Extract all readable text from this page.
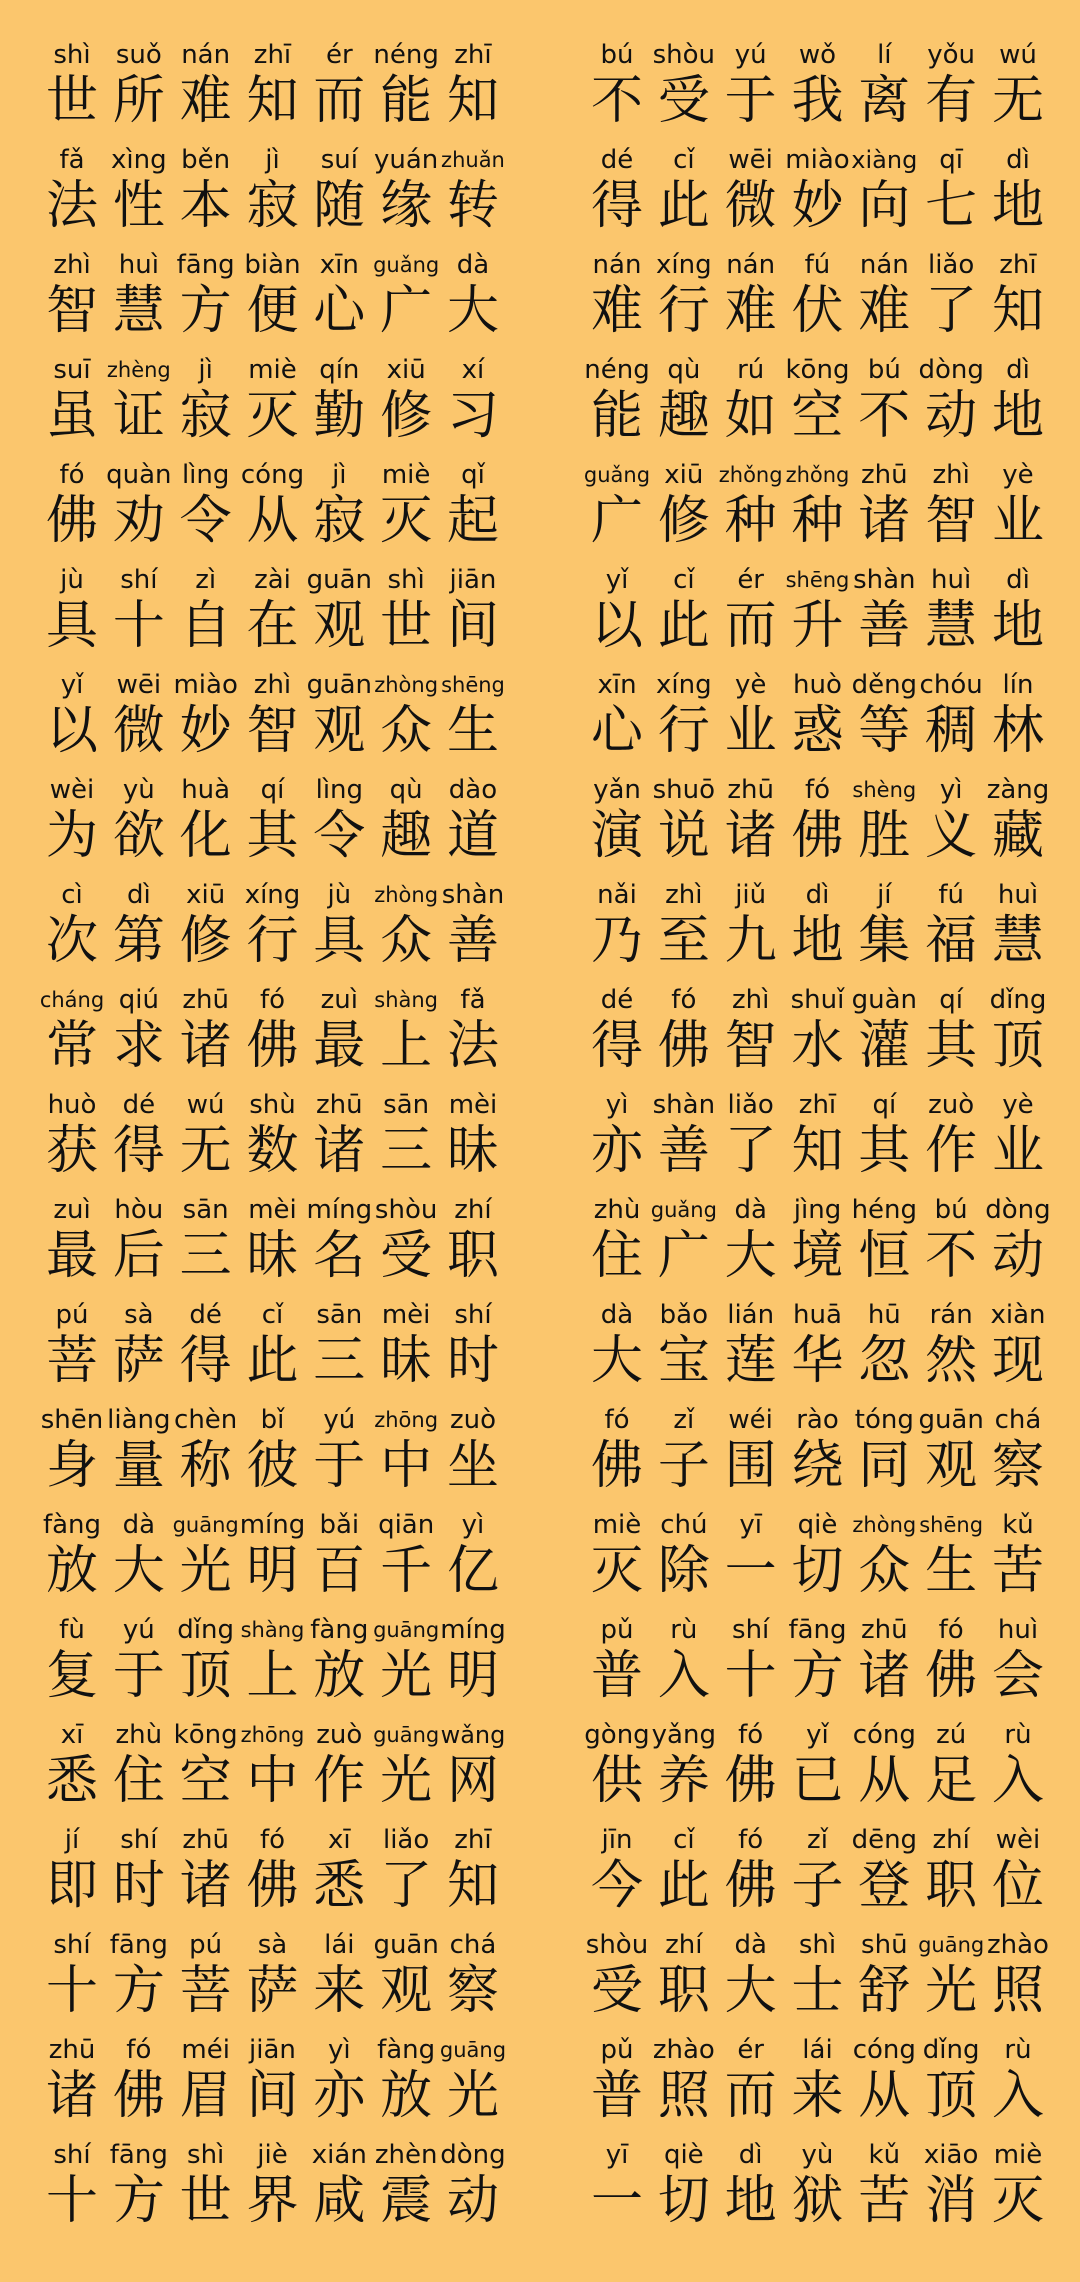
shì
世
suǒ
所
nán
难
zhī
知
ér
而
néng
能
zhī
知
bú
不
shòu
受
yú
于
wǒ
我
lí
离
yǒu
有
wú
无
fǎ
法
xìng
性
běn
本
jì
寂
suí
随
yuán
缘
zhuǎn
转
dé
得
cǐ
此
wēi
微
miào
妙
xiàng
向
qī
七
dì
地
zhì
智
huì
慧
fāng
方
biàn
便
xīn
心
guǎng
广
dà
大
nán
难
xíng
行
nán
难
fú
伏
nán
难
liǎo
了
zhī
知
suī
虽
zhèng
证
jì
寂
miè
灭
qín
勤
xiū
修
xí
习
néng
能
qù
趣
rú
如
kōng
空
bú
不
dòng
动
dì
地
fó
佛
quàn
劝
lìng
令
cóng
从
jì
寂
miè
灭
qǐ
起
guǎng
广
xiū
修
zhǒng
种
zhǒng
种
zhū
诸
zhì
智
yè
业
jù
具
shí
十
zì
自
zài
在
guān
观
shì
世
jiān
间
yǐ
以
cǐ
此
ér
而
shēng
升
shàn
善
huì
慧
dì
地
yǐ
以
wēi
微
miào
妙
zhì
智
guān
观
zhòng
众
shēng
生
xīn
心
xíng
行
yè
业
huò
惑
děng
等
chóu
稠
lín
林
wèi
为
yù
欲
huà
化
qí
其
lìng
令
qù
趣
dào
道
yǎn
演
shuō
说
zhū
诸
fó
佛
shèng
胜
yì
义
zàng
藏
cì
次
dì
第
xiū
修
xíng
行
jù
具
zhòng
众
shàn
善
nǎi
乃
zhì
至
jiǔ
九
dì
地
jí
集
fú
福
huì
慧
cháng
常
qiú
求
zhū
诸
fó
佛
zuì
最
shàng
上
fǎ
法
dé
得
fó
佛
zhì
智
shuǐ
水
guàn
灌
qí
其
dǐng
顶
huò
获
dé
得
wú
无
shù
数
zhū
诸
sān
三
mèi
昧
yì
亦
shàn
善
liǎo
了
zhī
知
qí
其
zuò
作
yè
业
zuì
最
hòu
后
sān
三
mèi
昧
míng
名
shòu
受
zhí
职
zhù
住
guǎng
广
dà
大
jìng
境
héng
恒
bú
不
dòng
动
pú
菩
sà
萨
dé
得
cǐ
此
sān
三
mèi
昧
shí
时
dà
大
bǎo
宝
lián
莲
huā
华
hū
忽
rán
然
xiàn
现
shēn
身
liàng
量
chèn
称
bǐ
彼
yú
于
zhōng
中
zuò
坐
fó
佛
zǐ
子
wéi
围
rào
绕
tóng
同
guān
观
chá
察
fàng
放
dà
大
guāng
光
míng
明
bǎi
百
qiān
千
yì
亿
miè
灭
chú
除
yī
一
qiè
切
zhòng
众
shēng
生
kǔ
苦
fù
复
yú
于
dǐng
顶
shàng
上
fàng
放
guāng
光
míng
明
pǔ
普
rù
入
shí
十
fāng
方
zhū
诸
fó
佛
huì
会
xī
悉
zhù
住
kōng
空
zhōng
中
zuò
作
guāng
光
wǎng
网
gòng
供
yǎng
养
fó
佛
yǐ
已
cóng
从
zú
足
rù
入
jí
即
shí
时
zhū
诸
fó
佛
xī
悉
liǎo
了
zhī
知
jīn
今
cǐ
此
fó
佛
zǐ
子
dēng
登
zhí
职
wèi
位
shí
十
fāng
方
pú
菩
sà
萨
lái
来
guān
观
chá
察
shòu
受
zhí
职
dà
大
shì
士
shū
舒
guāng
光
zhào
照
zhū
诸
fó
佛
méi
眉
jiān
间
yì
亦
fàng
放
guāng
光
pǔ
普
zhào
照
ér
而
lái
来
cóng
从
dǐng
顶
rù
入
shí
十
fāng
方
shì
世
jiè
界
xián
咸
zhèn
震
dòng
动
yī
一
qiè
切
dì
地
yù
狱
kǔ
苦
xiāo
消
miè
灭
